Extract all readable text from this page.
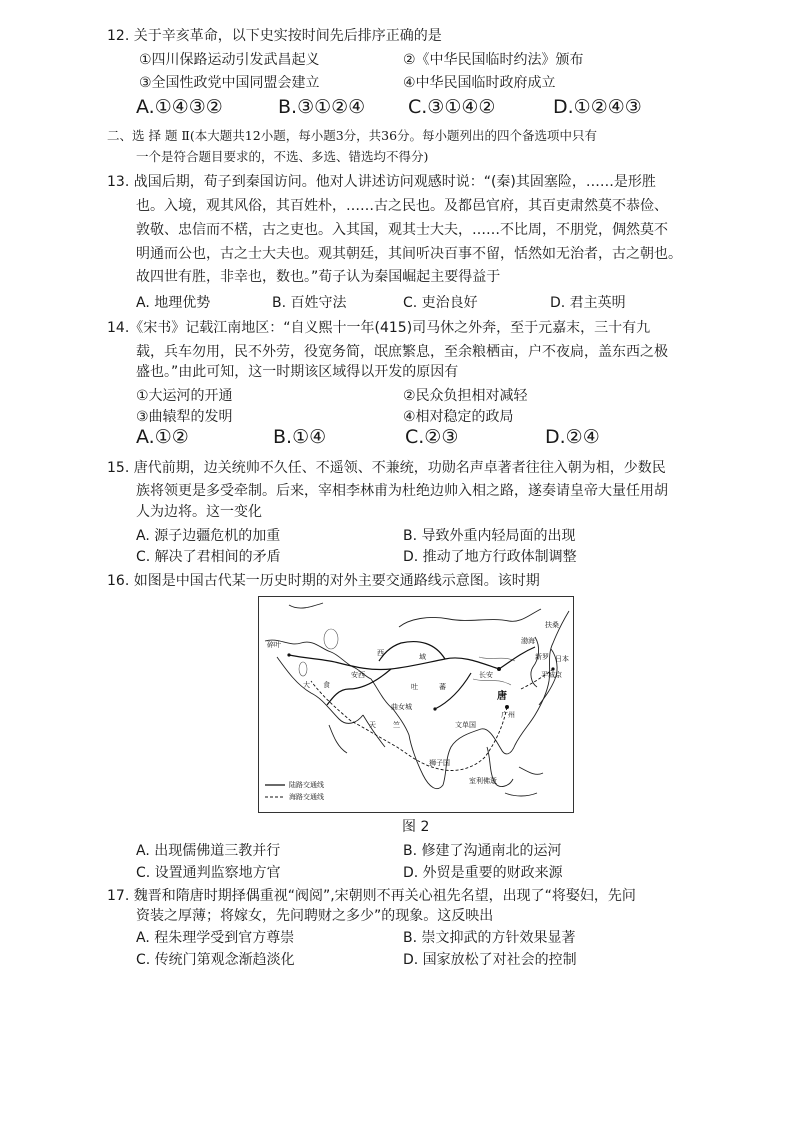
12. 关于辛亥革命，以下史实按时间先后排序正确的是
①四川保路运动引发武昌起义	②《中华民国临时约法》颁布
③全国性政党中国同盟会建立	④中华民国临时政府成立
A.①④③②	B.③①②④ C.③①④②	D.①②④③
二、选 择 题 Ⅱ(本大题共12小题，每小题3分，共36分。每小题列出的四个备选项中只有
一个是符合题目要求的，不选、多选、错选均不得分)
13. 战国后期，荀子到秦国访问。他对人讲述访问观感时说：“(秦)其固塞险，……是形胜
也。入境，观其风俗，其百姓朴，……古之民也。及都邑官府，其百吏肃然莫不恭俭、
敦敬、忠信而不楛，古之吏也。入其国，观其士大夫，……不比周，不朋党，倜然莫不
明通而公也，古之士大夫也。观其朝廷，其间听决百事不留，恬然如无治者，古之朝也。
故四世有胜，非幸也，数也。”荀子认为秦国崛起主要得益于
A. 地理优势	B. 百姓守法	C. 吏治良好	D. 君主英明
14.《宋书》记载江南地区：“自义熙十一年(415)司马休之外奔，至于元嘉末，三十有九
载，兵车勿用，民不外劳，役宽务简，氓庶繁息，至余粮栖亩，户不夜扃，盖东西之极
盛也。”由此可知，这一时期该区域得以开发的原因有
①大运河的开通	②民众负担相对减轻
③曲辕犁的发明	④相对稳定的政局
A.①②	B.①④	C.②③	D.②④
15. 唐代前期，边关统帅不久任、不遥领、不兼统，功勋名声卓著者往往入朝为相，少数民
族将领更是多受牵制。后来，宰相李林甫为杜绝边帅入相之路，遂奏请皇帝大量任用胡
人为边将。这一变化
A. 源子边疆危机的加重	B. 导致外重内轻局面的出现
C. 解决了君相间的矛盾	D. 推动了地方行政体制调整
16. 如图是中国古代某一历史时期的对外主要交通路线示意图。该时期
西	域
吐	蕃
大 食
天 竺
唐
长安
扶桑
渤海
新罗 日本
平城京
曲女城
室利佛逝
狮子国
广州
文单国
碎叶
安西
陆路交通线
海路交通线
图 2
A. 出现儒佛道三教并行	B. 修建了沟通南北的运河
C. 设置通判监察地方官	D. 外贸是重要的财政来源
17. 魏晋和隋唐时期择偶重视“阀阅”,宋朝则不再关心祖先名望，出现了“将娶妇，先问
资装之厚薄；将嫁女，先问聘财之多少”的现象。这反映出
A. 程朱理学受到官方尊崇	B. 崇文抑武的方针效果显著
C. 传统门第观念渐趋淡化	D. 国家放松了对社会的控制
